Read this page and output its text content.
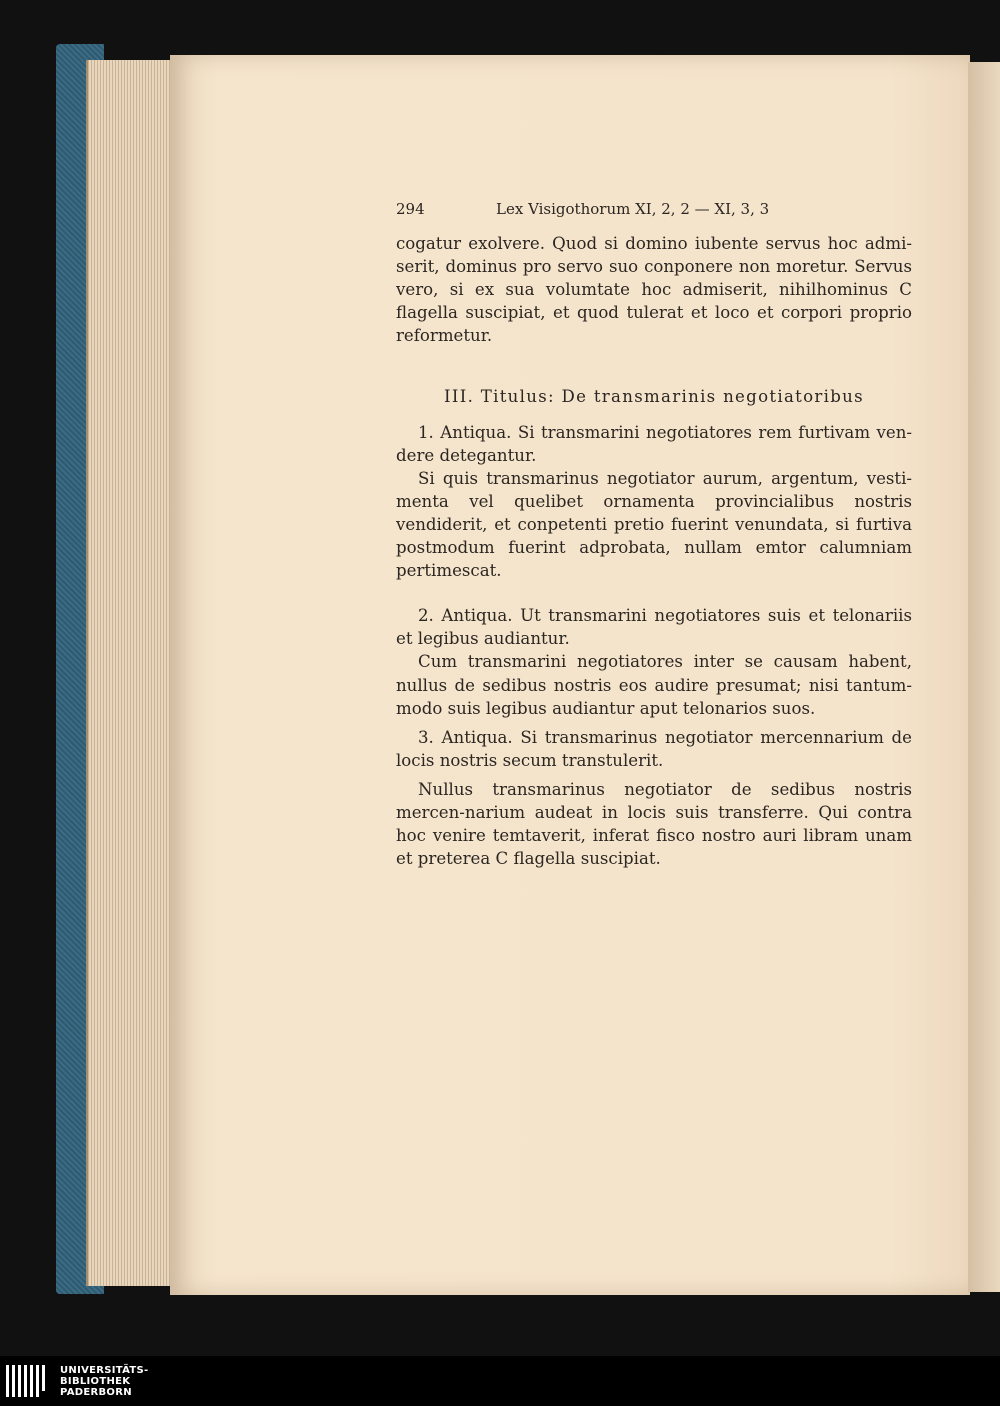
294	Lex Visigothorum XI, 2, 2 — XI, 3, 3

cogatur exolvere. Quod si domino iubente servus hoc admi-serit, dominus pro servo suo conponere non moretur. Servus vero, si ex sua volumtate hoc admiserit, nihilhominus C flagella suscipiat, et quod tulerat et loco et corpori proprio reformetur.

III. Titulus: De transmarinis negotiatoribus

1. Antiqua. Si transmarini negotiatores rem furtivam ven-dere detegantur.

Si quis transmarinus negotiator aurum, argentum, vesti-menta vel quelibet ornamenta provincialibus nostris vendiderit, et conpetenti pretio fuerint venundata, si furtiva postmodum fuerint adprobata, nullam emtor calumniam pertimescat.

2. Antiqua. Ut transmarini negotiatores suis et telonariis et legibus audiantur.

Cum transmarini negotiatores inter se causam habent, nullus de sedibus nostris eos audire presumat; nisi tantum-modo suis legibus audiantur aput telonarios suos.

3. Antiqua. Si transmarinus negotiator mercennarium de locis nostris secum transtulerit.

Nullus transmarinus negotiator de sedibus nostris mercen-narium audeat in locis suis transferre. Qui contra hoc venire temtaverit, inferat fisco nostro auri libram unam et preterea C flagella suscipiat.

UNIVERSITÄTS-
BIBLIOTHEK
PADERBORN
